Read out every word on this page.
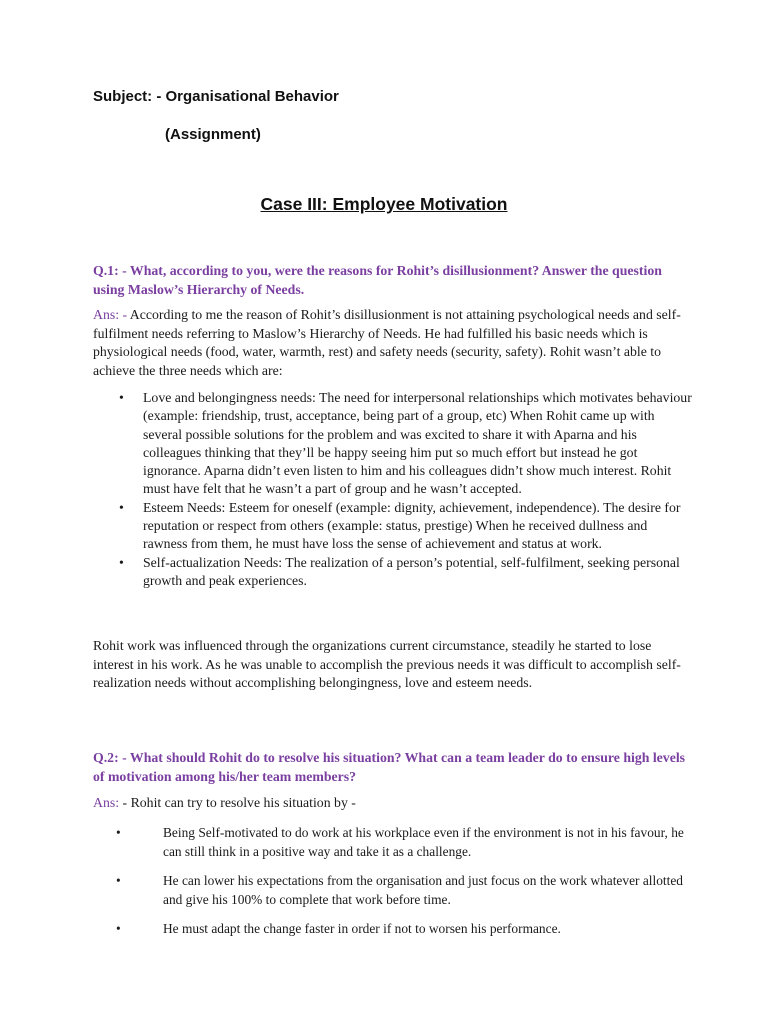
Subject: - Organisational Behavior
(Assignment)
Case III: Employee Motivation
Q.1: - What, according to you, were the reasons for Rohit’s disillusionment? Answer the question using Maslow’s Hierarchy of Needs.
Ans: - According to me the reason of Rohit’s disillusionment is not attaining psychological needs and self-fulfilment needs referring to Maslow’s Hierarchy of Needs. He had fulfilled his basic needs which is physiological needs (food, water, warmth, rest) and safety needs (security, safety). Rohit wasn’t able to achieve the three needs which are:
• Love and belongingness needs: The need for interpersonal relationships which motivates behaviour (example: friendship, trust, acceptance, being part of a group, etc) When Rohit came up with several possible solutions for the problem and was excited to share it with Aparna and his colleagues thinking that they’ll be happy seeing him put so much effort but instead he got ignorance. Aparna didn’t even listen to him and his colleagues didn’t show much interest. Rohit must have felt that he wasn’t a part of group and he wasn’t accepted.
• Esteem Needs: Esteem for oneself (example: dignity, achievement, independence). The desire for reputation or respect from others (example: status, prestige) When he received dullness and rawness from them, he must have loss the sense of achievement and status at work.
• Self-actualization Needs: The realization of a person’s potential, self-fulfilment, seeking personal growth and peak experiences.
Rohit work was influenced through the organizations current circumstance, steadily he started to lose interest in his work. As he was unable to accomplish the previous needs it was difficult to accomplish self-realization needs without accomplishing belongingness, love and esteem needs.
Q.2: - What should Rohit do to resolve his situation? What can a team leader do to ensure high levels of motivation among his/her team members?
Ans: - Rohit can try to resolve his situation by -
•	Being Self-motivated to do work at his workplace even if the environment is not in his favour, he can still think in a positive way and take it as a challenge.
•	He can lower his expectations from the organisation and just focus on the work whatever allotted and give his 100% to complete that work before time.
•	He must adapt the change faster in order if not to worsen his performance.
